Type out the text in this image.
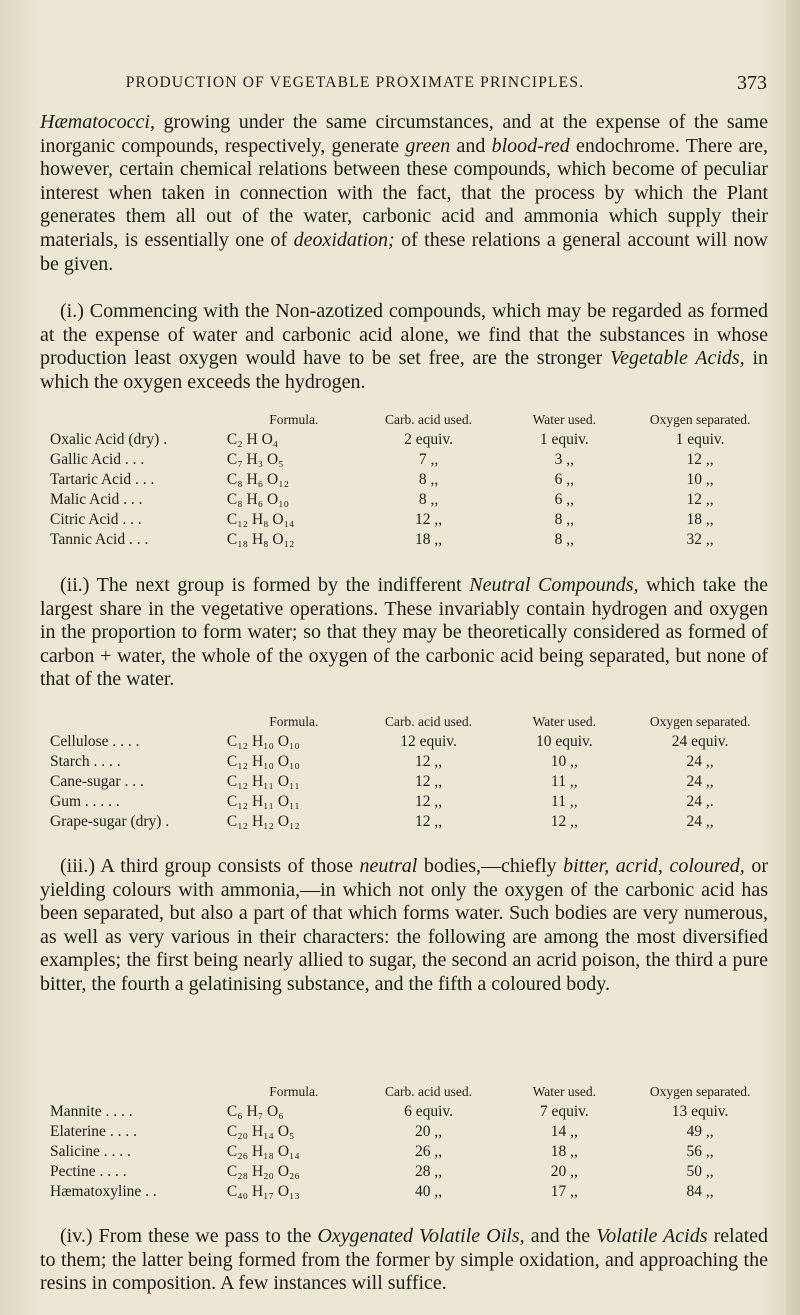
PRODUCTION OF VEGETABLE PROXIMATE PRINCIPLES.	373

Hæmatococci, growing under the same circumstances, and at the expense of the same inorganic compounds, respectively, generate green and blood-red endochrome. There are, however, certain chemical relations between these compounds, which become of peculiar interest when taken in connection with the fact, that the process by which the Plant generates them all out of the water, carbonic acid and ammonia which supply their materials, is essentially one of deoxidation; of these relations a general account will now be given.

(i.) Commencing with the Non-azotized compounds, which may be regarded as formed at the expense of water and carbonic acid alone, we find that the substances in whose production least oxygen would have to be set free, are the stronger Vegetable Acids, in which the oxygen exceeds the hydrogen.

	Formula.	Carb. acid used.	Water used.	Oxygen separated.
Oxalic Acid (dry) .	C₂ H O₄	2 equiv.	1 equiv.	1 equiv.
Gallic Acid . . .	C₇ H₃ O₅	7 ,,	3 ,,	12 ,,
Tartaric Acid . . .	C₈ H₆ O₁₂	8 ,,	6 ,,	10 ,,
Malic Acid . . .	C₈ H₆ O₁₀	8 ,,	6 ,,	12 ,,
Citric Acid . . .	C₁₂ H₈ O₁₄	12 ,,	8 ,,	18 ,,
Tannic Acid . . .	C₁₈ H₈ O₁₂	18 ,,	8 ,,	32 ,,

(ii.) The next group is formed by the indifferent Neutral Compounds, which take the largest share in the vegetative operations. These invariably contain hydrogen and oxygen in the proportion to form water; so that they may be theoretically considered as formed of carbon + water, the whole of the oxygen of the carbonic acid being separated, but none of that of the water.

	Formula.	Carb. acid used.	Water used.	Oxygen separated.
Cellulose . . . .	C₁₂ H₁₀ O₁₀	12 equiv.	10 equiv.	24 equiv.
Starch . . . .	C₁₂ H₁₀ O₁₀	12 ,,	10 ,,	24 ,,
Cane-sugar . . .	C₁₂ H₁₁ O₁₁	12 ,,	11 ,,	24 ,,
Gum . . . . .	C₁₂ H₁₁ O₁₁	12 ,,	11 ,,	24 ,.
Grape-sugar (dry) .	C₁₂ H₁₂ O₁₂	12 ,,	12 ,,	24 ,,

(iii.) A third group consists of those neutral bodies,—chiefly bitter, acrid, coloured, or yielding colours with ammonia,—in which not only the oxygen of the carbonic acid has been separated, but also a part of that which forms water. Such bodies are very numerous, as well as very various in their characters: the following are among the most diversified examples; the first being nearly allied to sugar, the second an acrid poison, the third a pure bitter, the fourth a gelatinising substance, and the fifth a coloured body.

	Formula.	Carb. acid used.	Water used.	Oxygen separated.
Mannite . . . .	C₆ H₇ O₆	6 equiv.	7 equiv.	13 equiv.
Elaterine . . . .	C₂₀ H₁₄ O₅	20 ,,	14 ,,	49 ,,
Salicine . . . .	C₂₆ H₁₈ O₁₄	26 ,,	18 ,,	56 ,,
Pectine . . . .	C₂₈ H₂₀ O₂₆	28 ,,	20 ,,	50 ,,
Hæmatoxyline . .	C₄₀ H₁₇ O₁₃	40 ,,	17 ,,	84 ,,

(iv.) From these we pass to the Oxygenated Volatile Oils, and the Volatile Acids related to them; the latter being formed from the former by simple oxidation, and approaching the resins in composition. A few instances will suffice.
